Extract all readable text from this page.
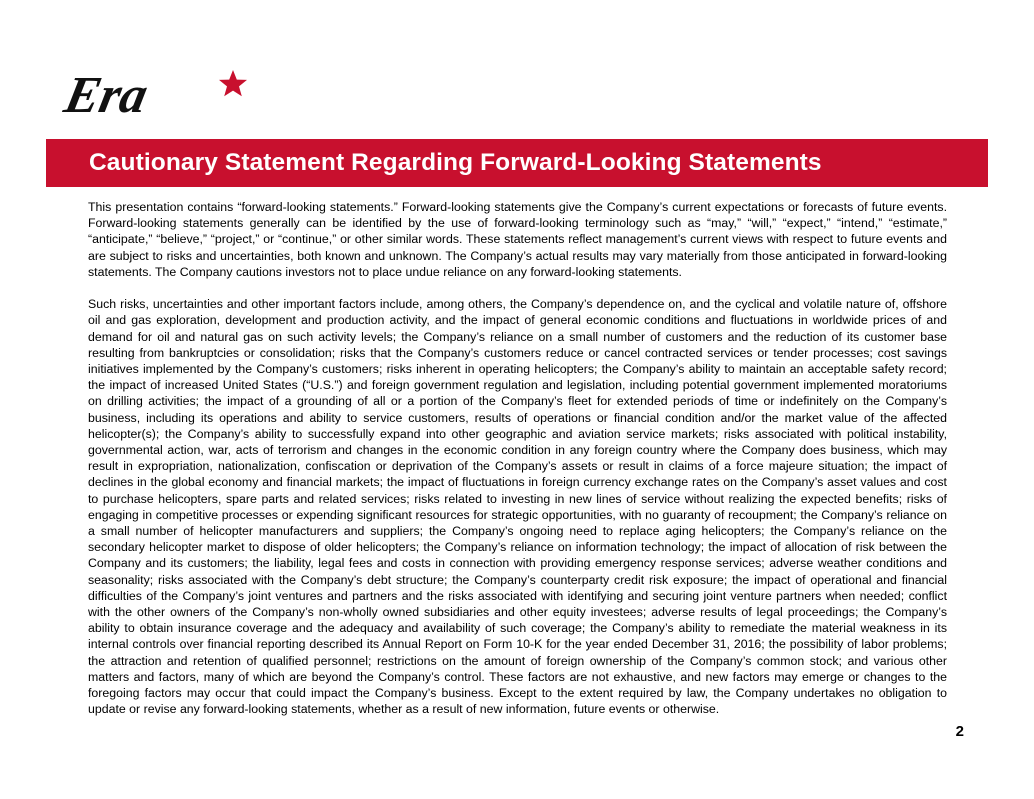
Era
Cautionary Statement Regarding Forward-Looking Statements

This presentation contains “forward-looking statements.” Forward-looking statements give the Company’s current expectations or forecasts of future events. Forward-looking statements generally can be identified by the use of forward-looking terminology such as “may,” “will,” “expect,” “intend,” “estimate,” “anticipate,” “believe,” “project,” or “continue,” or other similar words. These statements reflect management’s current views with respect to future events and are subject to risks and uncertainties, both known and unknown. The Company’s actual results may vary materially from those anticipated in forward-looking statements. The Company cautions investors not to place undue reliance on any forward-looking statements.

Such risks, uncertainties and other important factors include, among others, the Company’s dependence on, and the cyclical and volatile nature of, offshore oil and gas exploration, development and production activity, and the impact of general economic conditions and fluctuations in worldwide prices of and demand for oil and natural gas on such activity levels; the Company’s reliance on a small number of customers and the reduction of its customer base resulting from bankruptcies or consolidation; risks that the Company’s customers reduce or cancel contracted services or tender processes; cost savings initiatives implemented by the Company’s customers; risks inherent in operating helicopters; the Company’s ability to maintain an acceptable safety record; the impact of increased United States (“U.S.”) and foreign government regulation and legislation, including potential government implemented moratoriums on drilling activities; the impact of a grounding of all or a portion of the Company’s fleet for extended periods of time or indefinitely on the Company’s business, including its operations and ability to service customers, results of operations or financial condition and/or the market value of the affected helicopter(s); the Company’s ability to successfully expand into other geographic and aviation service markets; risks associated with political instability, governmental action, war, acts of terrorism and changes in the economic condition in any foreign country where the Company does business, which may result in expropriation, nationalization, confiscation or deprivation of the Company’s assets or result in claims of a force majeure situation; the impact of declines in the global economy and financial markets; the impact of fluctuations in foreign currency exchange rates on the Company’s asset values and cost to purchase helicopters, spare parts and related services; risks related to investing in new lines of service without realizing the expected benefits; risks of engaging in competitive processes or expending significant resources for strategic opportunities, with no guaranty of recoupment; the Company’s reliance on a small number of helicopter manufacturers and suppliers; the Company’s ongoing need to replace aging helicopters; the Company’s reliance on the secondary helicopter market to dispose of older helicopters; the Company’s reliance on information technology; the impact of allocation of risk between the Company and its customers; the liability, legal fees and costs in connection with providing emergency response services; adverse weather conditions and seasonality; risks associated with the Company’s debt structure; the Company’s counterparty credit risk exposure; the impact of operational and financial difficulties of the Company’s joint ventures and partners and the risks associated with identifying and securing joint venture partners when needed; conflict with the other owners of the Company’s non-wholly owned subsidiaries and other equity investees; adverse results of legal proceedings; the Company’s ability to obtain insurance coverage and the adequacy and availability of such coverage; the Company’s ability to remediate the material weakness in its internal controls over financial reporting described its Annual Report on Form 10-K for the year ended December 31, 2016; the possibility of labor problems; the attraction and retention of qualified personnel; restrictions on the amount of foreign ownership of the Company’s common stock; and various other matters and factors, many of which are beyond the Company’s control. These factors are not exhaustive, and new factors may emerge or changes to the foregoing factors may occur that could impact the Company’s business. Except to the extent required by law, the Company undertakes no obligation to update or revise any forward-looking statements, whether as a result of new information, future events or otherwise.

2
